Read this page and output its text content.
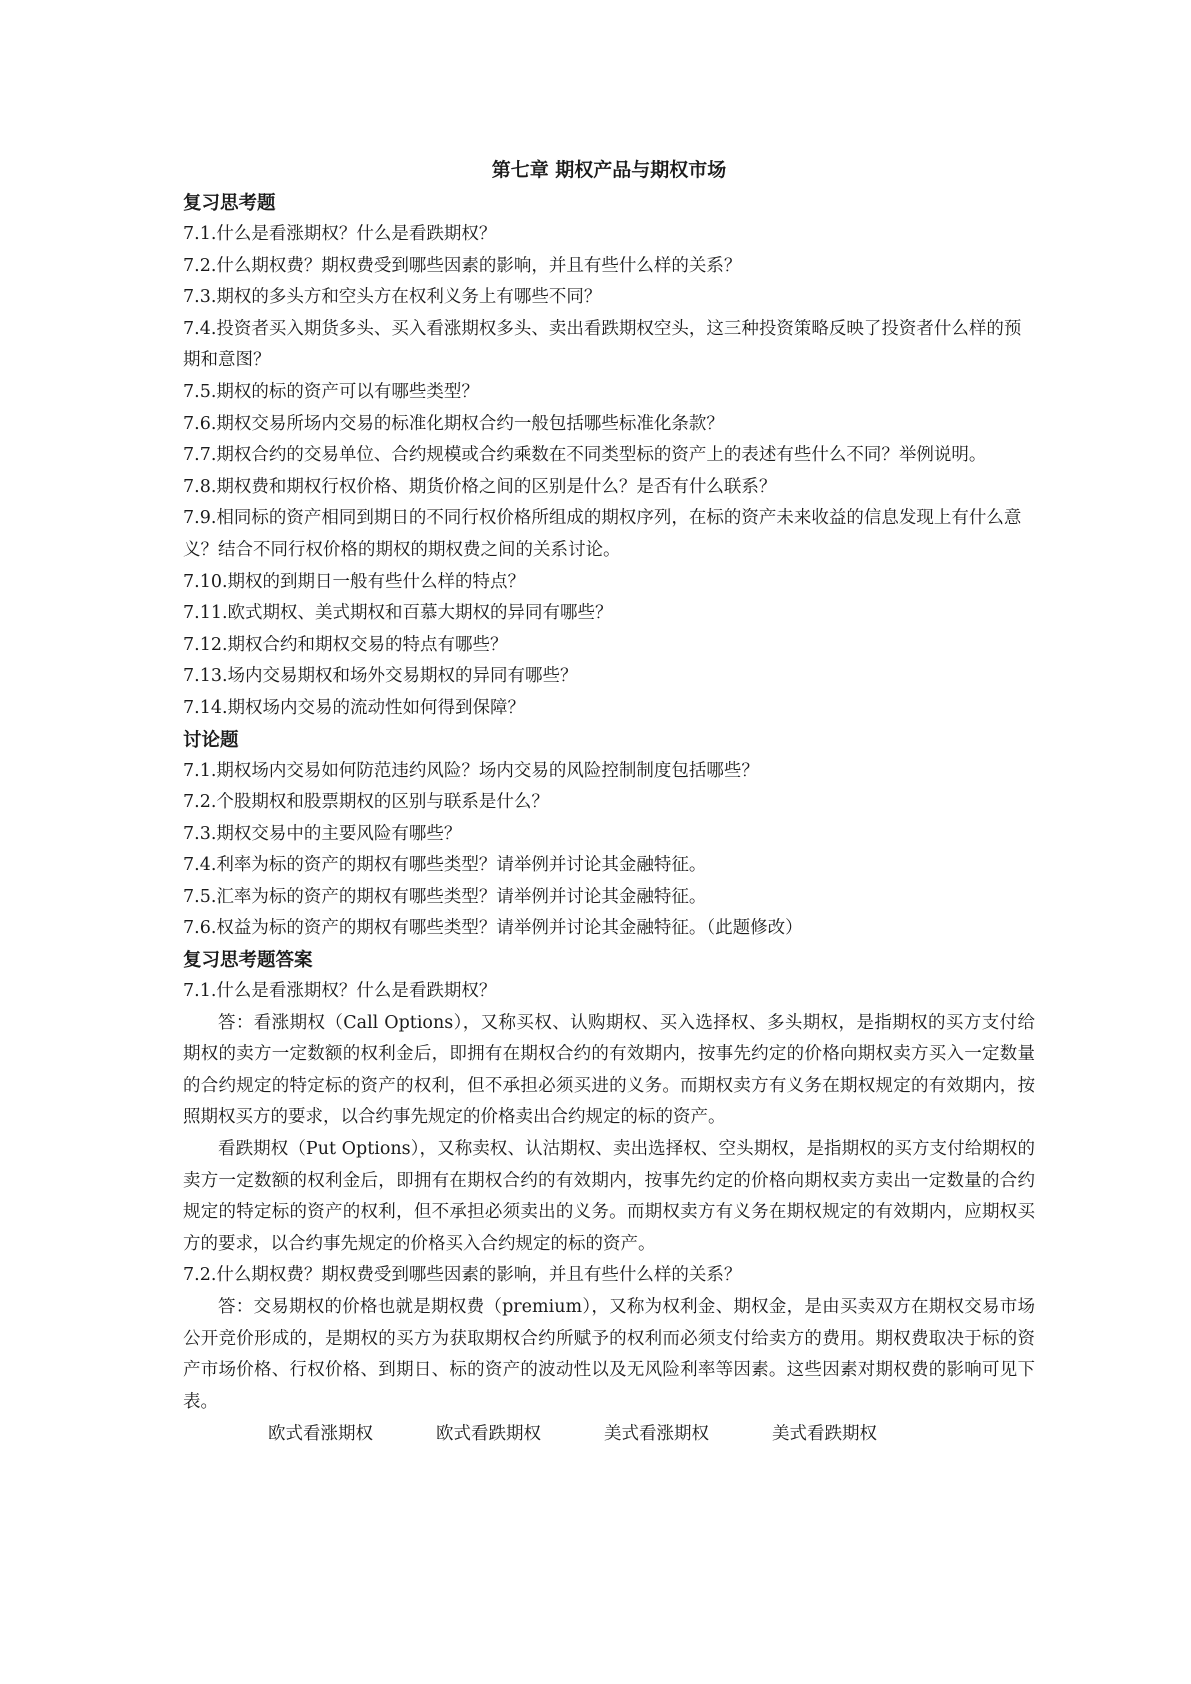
第七章 期权产品与期权市场
复习思考题
7.1.什么是看涨期权？什么是看跌期权？
7.2.什么期权费？期权费受到哪些因素的影响，并且有些什么样的关系？
7.3.期权的多头方和空头方在权利义务上有哪些不同？
7.4.投资者买入期货多头、买入看涨期权多头、卖出看跌期权空头，这三种投资策略反映了投资者什么样的预期和意图？
7.5.期权的标的资产可以有哪些类型？
7.6.期权交易所场内交易的标准化期权合约一般包括哪些标准化条款？
7.7.期权合约的交易单位、合约规模或合约乘数在不同类型标的资产上的表述有些什么不同？举例说明。
7.8.期权费和期权行权价格、期货价格之间的区别是什么？是否有什么联系？
7.9.相同标的资产相同到期日的不同行权价格所组成的期权序列，在标的资产未来收益的信息发现上有什么意义？结合不同行权价格的期权的期权费之间的关系讨论。
7.10.期权的到期日一般有些什么样的特点？
7.11.欧式期权、美式期权和百慕大期权的异同有哪些？
7.12.期权合约和期权交易的特点有哪些？
7.13.场内交易期权和场外交易期权的异同有哪些？
7.14.期权场内交易的流动性如何得到保障？
讨论题
7.1.期权场内交易如何防范违约风险？场内交易的风险控制制度包括哪些？
7.2.个股期权和股票期权的区别与联系是什么？
7.3.期权交易中的主要风险有哪些？
7.4.利率为标的资产的期权有哪些类型？请举例并讨论其金融特征。
7.5.汇率为标的资产的期权有哪些类型？请举例并讨论其金融特征。
7.6.权益为标的资产的期权有哪些类型？请举例并讨论其金融特征。（此题修改）
复习思考题答案
7.1.什么是看涨期权？什么是看跌期权？
答：看涨期权（Call Options），又称买权、认购期权、买入选择权、多头期权，是指期权的买方支付给期权的卖方一定数额的权利金后，即拥有在期权合约的有效期内，按事先约定的价格向期权卖方买入一定数量的合约规定的特定标的资产的权利，但不承担必须买进的义务。而期权卖方有义务在期权规定的有效期内，按照期权买方的要求，以合约事先规定的价格卖出合约规定的标的资产。
看跌期权（Put Options），又称卖权、认沽期权、卖出选择权、空头期权，是指期权的买方支付给期权的卖方一定数额的权利金后，即拥有在期权合约的有效期内，按事先约定的价格向期权卖方卖出一定数量的合约规定的特定标的资产的权利，但不承担必须卖出的义务。而期权卖方有义务在期权规定的有效期内，应期权买方的要求，以合约事先规定的价格买入合约规定的标的资产。
7.2.什么期权费？期权费受到哪些因素的影响，并且有些什么样的关系？
答：交易期权的价格也就是期权费（premium），又称为权利金、期权金，是由买卖双方在期权交易市场公开竞价形成的，是期权的买方为获取期权合约所赋予的权利而必须支付给卖方的费用。期权费取决于标的资产市场价格、行权价格、到期日、标的资产的波动性以及无风险利率等因素。这些因素对期权费的影响可见下表。
欧式看涨期权	欧式看跌期权	美式看涨期权	美式看跌期权
